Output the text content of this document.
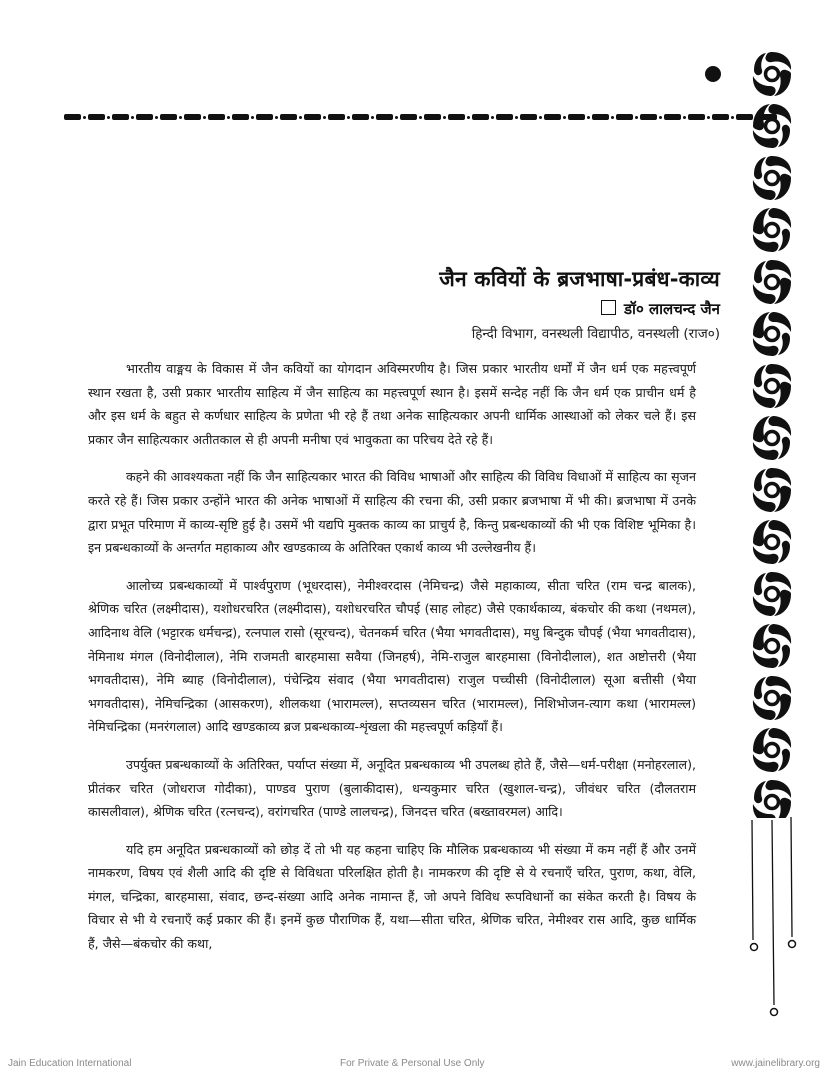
जैन कवियों के ब्रजभाषा-प्रबंध-काव्य

डॉ० लालचन्द जैन

हिन्दी विभाग, वनस्थली विद्यापीठ, वनस्थली (राज०)

भारतीय वाङ्मय के विकास में जैन कवियों का योगदान अविस्मरणीय है। जिस प्रकार भारतीय धर्मों में जैन धर्म एक महत्त्वपूर्ण स्थान रखता है, उसी प्रकार भारतीय साहित्य में जैन साहित्य का महत्त्वपूर्ण स्थान है। इसमें सन्देह नहीं कि जैन धर्म एक प्राचीन धर्म है और इस धर्म के बहुत से कर्णधार साहित्य के प्रणेता भी रहे हैं तथा अनेक साहित्यकार अपनी धार्मिक आस्थाओं को लेकर चले हैं। इस प्रकार जैन साहित्यकार अतीतकाल से ही अपनी मनीषा एवं भावुकता का परिचय देते रहे हैं।

कहने की आवश्यकता नहीं कि जैन साहित्यकार भारत की विविध भाषाओं और साहित्य की विविध विधाओं में साहित्य का सृजन करते रहे हैं। जिस प्रकार उन्होंने भारत की अनेक भाषाओं में साहित्य की रचना की, उसी प्रकार ब्रजभाषा में भी की। ब्रजभाषा में उनके द्वारा प्रभूत परिमाण में काव्य-सृष्टि हुई है। उसमें भी यद्यपि मुक्तक काव्य का प्राचुर्य है, किन्तु प्रबन्धकाव्यों की भी एक विशिष्ट भूमिका है। इन प्रबन्धकाव्यों के अन्तर्गत महाकाव्य और खण्डकाव्य के अतिरिक्त एकार्थ काव्य भी उल्लेखनीय हैं।

आलोच्य प्रबन्धकाव्यों में पार्श्वपुराण (भूधरदास), नेमीश्वरदास (नेमिचन्द्र) जैसे महाकाव्य, सीता चरित (राम चन्द्र बालक), श्रेणिक चरित (लक्ष्मीदास), यशोधरचरित (लक्ष्मीदास), यशोधरचरित चौपई (साह लोहट) जैसे एकार्थकाव्य, बंकचोर की कथा (नथमल), आदिनाथ वेलि (भट्टारक धर्मचन्द्र), रत्नपाल रासो (सूरचन्द), चेतनकर्म चरित (भैया भगवतीदास), मधु बिन्दुक चौपई (भैया भगवतीदास), नेमिनाथ मंगल (विनोदीलाल), नेमि राजमती बारहमासा सवैया (जिनहर्ष), नेमि-राजुल बारहमासा (विनोदीलाल), शत अष्टोत्तरी (भैया भगवतीदास), नेमि ब्याह (विनोदीलाल), पंचेन्द्रिय संवाद (भैया भगवतीदास) राजुल पच्चीसी (विनोदीलाल) सूआ बत्तीसी (भैया भगवतीदास), नेमिचन्द्रिका (आसकरण), शीलकथा (भारामल्ल), सप्तव्यसन चरित (भारामल्ल), निशिभोजन-त्याग कथा (भारामल्ल) नेमिचन्द्रिका (मनरंगलाल) आदि खण्डकाव्य ब्रज प्रबन्धकाव्य-शृंखला की महत्त्वपूर्ण कड़ियाँ हैं।

उपर्युक्त प्रबन्धकाव्यों के अतिरिक्त, पर्याप्त संख्या में, अनूदित प्रबन्धकाव्य भी उपलब्ध होते हैं, जैसे—धर्म-परीक्षा (मनोहरलाल), प्रीतंकर चरित (जोधराज गोदीका), पाण्डव पुराण (बुलाकीदास), धन्यकुमार चरित (खुशाल-चन्द्र), जीवंधर चरित (दौलतराम कासलीवाल), श्रेणिक चरित (रत्नचन्द), वरांगचरित (पाण्डे लालचन्द्र), जिनदत्त चरित (बख्तावरमल) आदि।

यदि हम अनूदित प्रबन्धकाव्यों को छोड़ दें तो भी यह कहना चाहिए कि मौलिक प्रबन्धकाव्य भी संख्या में कम नहीं हैं और उनमें नामकरण, विषय एवं शैली आदि की दृष्टि से विविधता परिलक्षित होती है। नामकरण की दृष्टि से ये रचनाएँ चरित, पुराण, कथा, वेलि, मंगल, चन्द्रिका, बारहमासा, संवाद, छन्द-संख्या आदि अनेक नामान्त हैं, जो अपने विविध रूपविधानों का संकेत करती है। विषय के विचार से भी ये रचनाएँ कई प्रकार की हैं। इनमें कुछ पौराणिक हैं, यथा—सीता चरित, श्रेणिक चरित, नेमीश्वर रास आदि, कुछ धार्मिक हैं, जैसे—बंकचोर की कथा,

Jain Education International	For Private & Personal Use Only	www.jainelibrary.org
